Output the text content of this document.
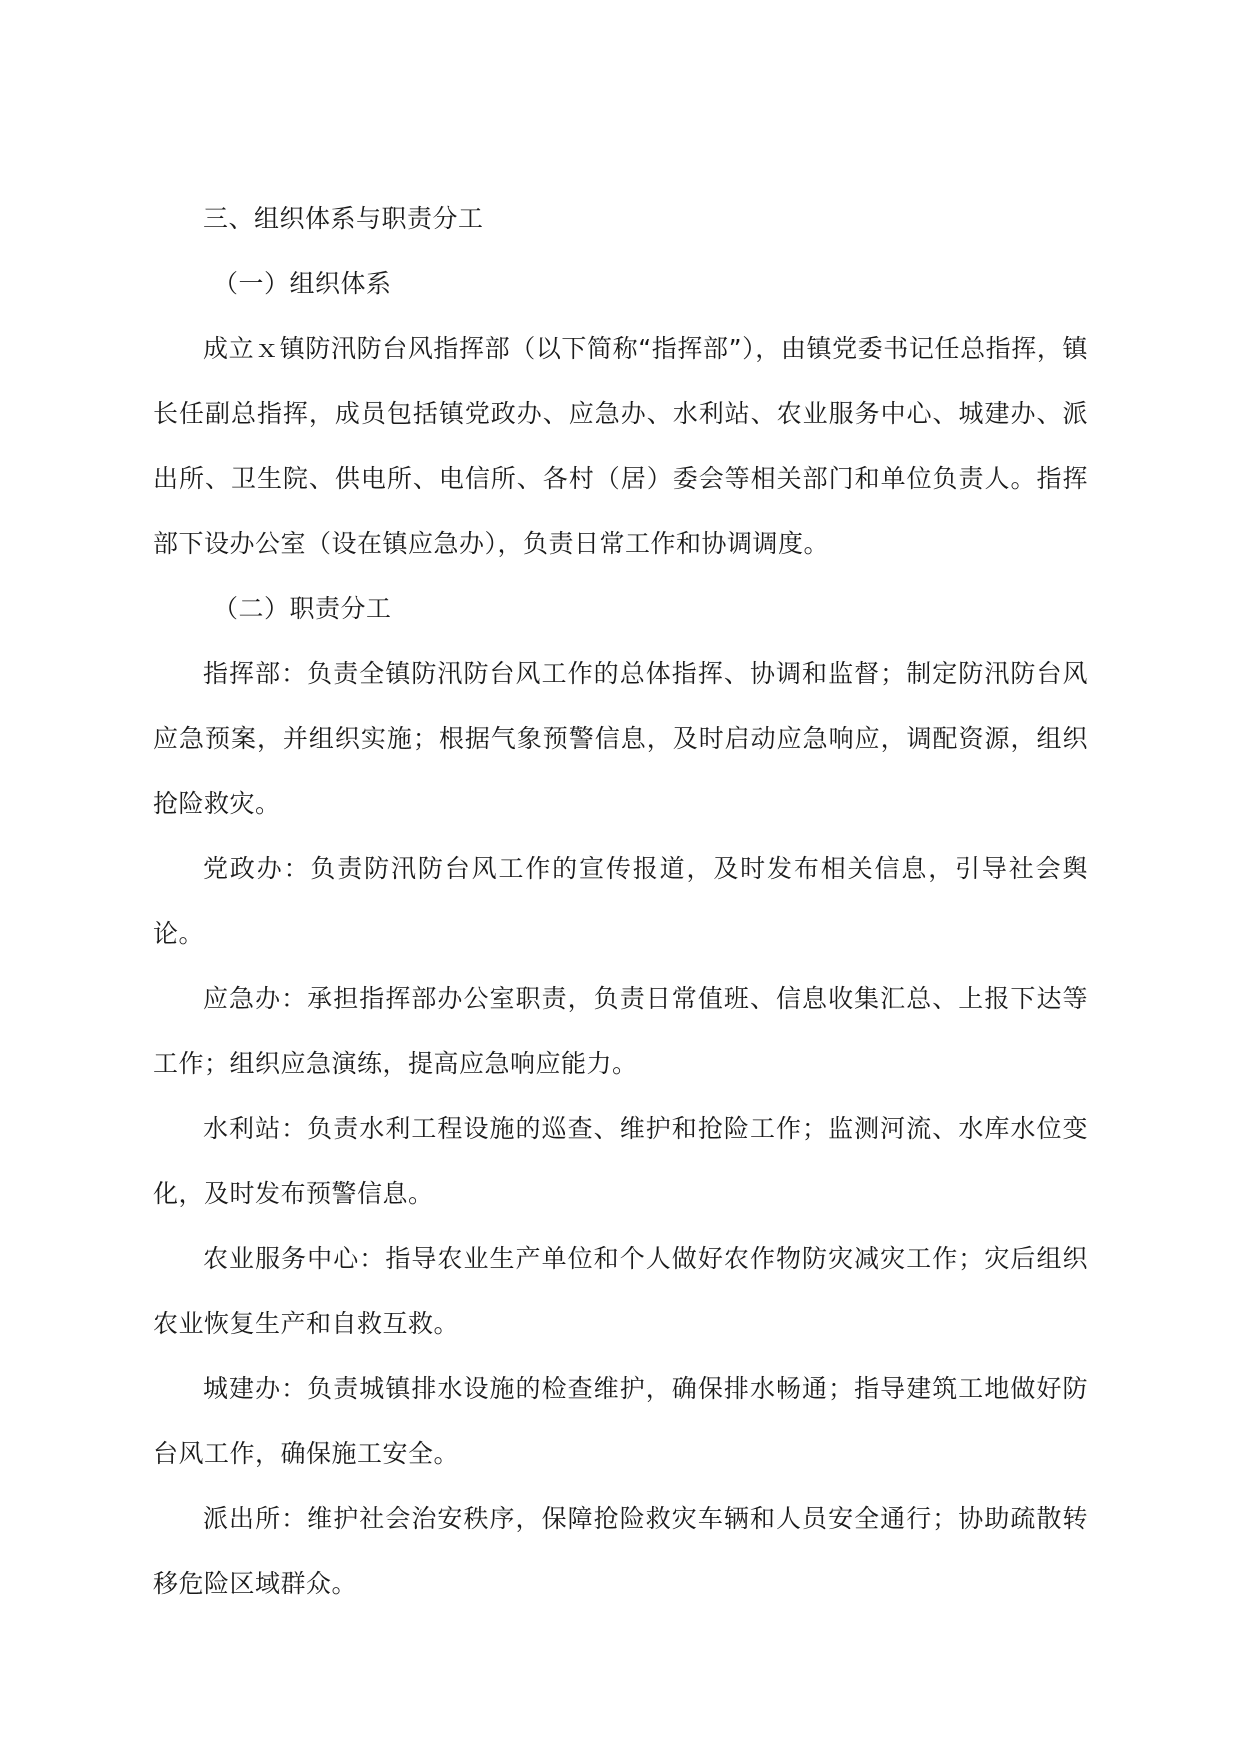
三、组织体系与职责分工

（一）组织体系

成立ｘ镇防汛防台风指挥部（以下简称“指挥部”），由镇党委书记任总指挥，镇长任副总指挥，成员包括镇党政办、应急办、水利站、农业服务中心、城建办、派出所、卫生院、供电所、电信所、各村（居）委会等相关部门和单位负责人。指挥部下设办公室（设在镇应急办），负责日常工作和协调调度。

（二）职责分工

指挥部：负责全镇防汛防台风工作的总体指挥、协调和监督；制定防汛防台风应急预案，并组织实施；根据气象预警信息，及时启动应急响应，调配资源，组织抢险救灾。

党政办：负责防汛防台风工作的宣传报道，及时发布相关信息，引导社会舆论。

应急办：承担指挥部办公室职责，负责日常值班、信息收集汇总、上报下达等工作；组织应急演练，提高应急响应能力。

水利站：负责水利工程设施的巡查、维护和抢险工作；监测河流、水库水位变化，及时发布预警信息。

农业服务中心：指导农业生产单位和个人做好农作物防灾减灾工作；灾后组织农业恢复生产和自救互救。

城建办：负责城镇排水设施的检查维护，确保排水畅通；指导建筑工地做好防台风工作，确保施工安全。

派出所：维护社会治安秩序，保障抢险救灾车辆和人员安全通行；协助疏散转移危险区域群众。
